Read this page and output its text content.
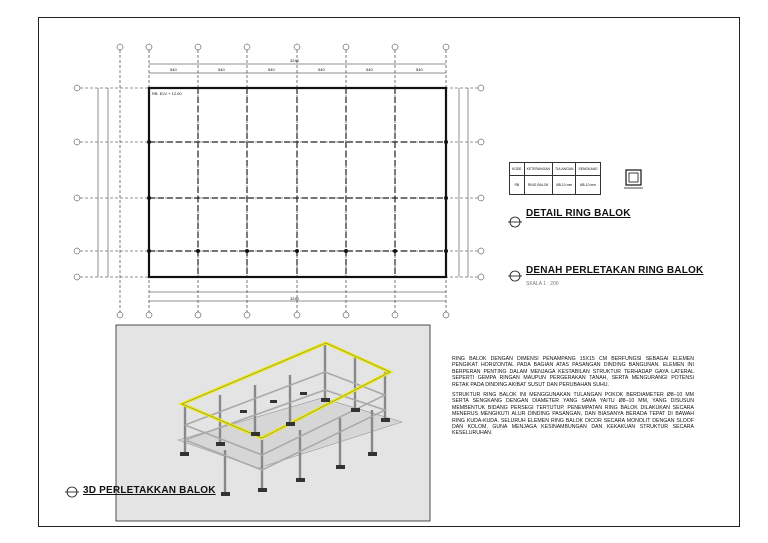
3240
3240
540	540	540	540	540	540
RB. ELV + 12.00
KODE	KETERANGAN	TULANGAN	SENGKANG
RB	RING BALOK	Ø8-10 mm	Ø8-10 mm
DETAIL RING BALOK
DENAH PERLETAKAN RING BALOK
SKALA 1 : 200
3D PERLETAKKAN BALOK

RING BALOK DENGAN DIMENSI PENAMPANG 15X15 CM BERFUNGSI SEBAGAI ELEMEN PENGIKAT HORIZONTAL PADA BAGIAN ATAS PASANGAN DINDING BANGUNAN. ELEMEN INI BERPERAN PENTING DALAM MENJAGA KESTABILAN STRUKTUR TERHADAP GAYA LATERAL SEPERTI GEMPA RINGAN MAUPUN PERGERAKAN TANAH, SERTA MENGURANGI POTENSI RETAK PADA DINDING AKIBAT SUSUT DAN PERUBAHAN SUHU.

STRUKTUR RING BALOK INI MENGGUNAKAN TULANGAN POKOK BERDIAMETER Ø8–10 MM SERTA SENGKANG DENGAN DIAMETER YANG SAMA YAITU Ø8–10 MM, YANG DISUSUN MEMBENTUK BIDANG PERSEGI TERTUTUP. PENEMPATAN RING BALOK DILAKUKAN SECARA MENERUS MENGIKUTI ALUR DINDING PASANGAN, DAN BIASANYA BERADA TEPAT DI BAWAH RING KUDA-KUDA. SELURUH ELEMEN RING BALOK DICOR SECARA MONOLIT DENGAN SLOOF DAN KOLOM, GUNA MENJAGA KESINAMBUNGAN DAN KEKAKUAN STRUKTUR SECARA KESELURUHAN.
